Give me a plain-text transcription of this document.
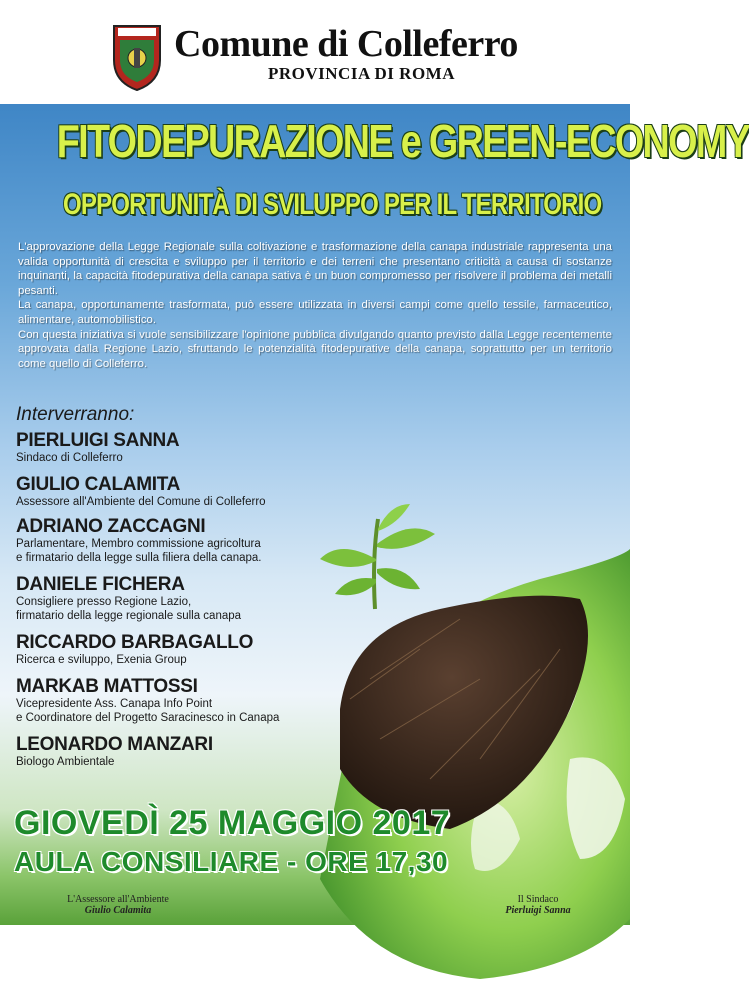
Comune di Colleferro
PROVINCIA DI ROMA
FITODEPURAZIONE e GREEN-ECONOMY
OPPORTUNITÀ DI SVILUPPO PER IL TERRITORIO

L'approvazione della Legge Regionale sulla coltivazione e trasformazione della canapa industriale rappresenta una valida opportunità di crescita e sviluppo per il territorio e dei terreni che presentano criticità a causa di sostanze inquinanti, la capacità fitodepurativa della canapa sativa è un buon compromesso per risolvere il problema dei metalli pesanti.

La canapa, opportunamente trasformata, può essere utilizzata in diversi campi come quello tessile, farmaceutico, alimentare, automobilistico.

Con questa iniziativa si vuole sensibilizzare l'opinione pubblica divulgando quanto previsto dalla Legge recentemente approvata dalla Regione Lazio, sfruttando le potenzialità fitodepurative della canapa, soprattutto per un territorio come quello di Colleferro.

Interverranno:
PIERLUIGI SANNA
Sindaco di Colleferro
GIULIO CALAMITA
Assessore all'Ambiente del Comune di Colleferro
ADRIANO ZACCAGNI
Parlamentare, Membro commissione agricoltura
e firmatario della legge sulla filiera della canapa.
DANIELE FICHERA
Consigliere presso Regione Lazio,
firmatario della legge regionale sulla canapa
RICCARDO BARBAGALLO
Ricerca e sviluppo, Exenia Group
MARKAB MATTOSSI
Vicepresidente Ass. Canapa Info Point
e Coordinatore del Progetto Saracinesco in Canapa
LEONARDO MANZARI
Biologo Ambientale
GIOVEDÌ 25 MAGGIO 2017
AULA CONSILIARE - ORE 17,30
L'Assessore all'Ambiente
Giulio Calamita
Il Sindaco
Pierluigi Sanna
